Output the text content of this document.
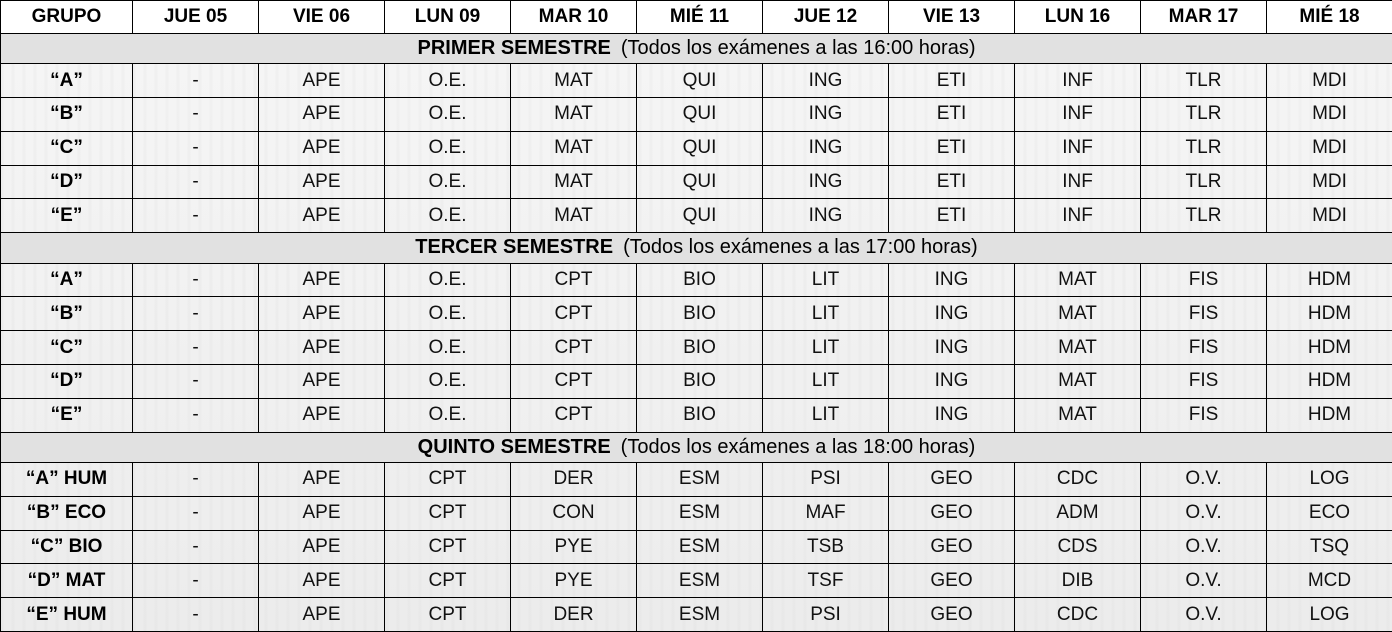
GRUPO	JUE 05	VIE 06	LUN 09	MAR 10	MIÉ 11	JUE 12	VIE 13	LUN 16	MAR 17	MIÉ 18
PRIMER SEMESTRE (Todos los exámenes a las 16:00 horas)										
“A”	-	APE	O.E.	MAT	QUI	ING	ETI	INF	TLR	MDI
“B”	-	APE	O.E.	MAT	QUI	ING	ETI	INF	TLR	MDI
“C”	-	APE	O.E.	MAT	QUI	ING	ETI	INF	TLR	MDI
“D”	-	APE	O.E.	MAT	QUI	ING	ETI	INF	TLR	MDI
“E”	-	APE	O.E.	MAT	QUI	ING	ETI	INF	TLR	MDI
TERCER SEMESTRE (Todos los exámenes a las 17:00 horas)										
“A”	-	APE	O.E.	CPT	BIO	LIT	ING	MAT	FIS	HDM
“B”	-	APE	O.E.	CPT	BIO	LIT	ING	MAT	FIS	HDM
“C”	-	APE	O.E.	CPT	BIO	LIT	ING	MAT	FIS	HDM
“D”	-	APE	O.E.	CPT	BIO	LIT	ING	MAT	FIS	HDM
“E”	-	APE	O.E.	CPT	BIO	LIT	ING	MAT	FIS	HDM
QUINTO SEMESTRE (Todos los exámenes a las 18:00 horas)										
“A” HUM	-	APE	CPT	DER	ESM	PSI	GEO	CDC	O.V.	LOG
“B” ECO	-	APE	CPT	CON	ESM	MAF	GEO	ADM	O.V.	ECO
“C” BIO	-	APE	CPT	PYE	ESM	TSB	GEO	CDS	O.V.	TSQ
“D” MAT	-	APE	CPT	PYE	ESM	TSF	GEO	DIB	O.V.	MCD
“E” HUM	-	APE	CPT	DER	ESM	PSI	GEO	CDC	O.V.	LOG
